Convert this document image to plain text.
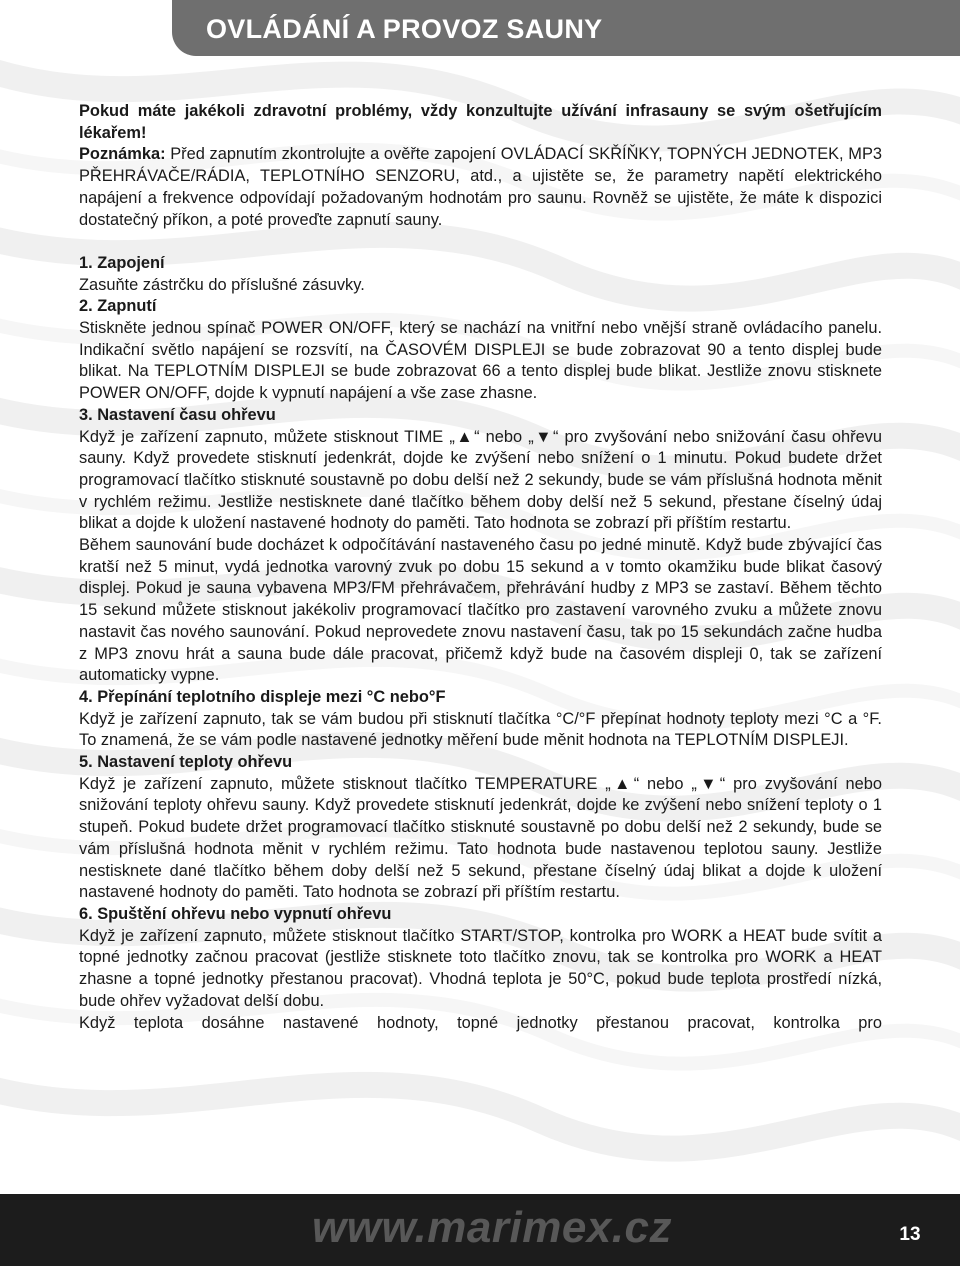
OVLÁDÁNÍ A PROVOZ SAUNY

Pokud máte jakékoli zdravotní problémy, vždy konzultujte užívání infrasauny se svým ošetřujícím lékařem!

Poznámka: Před zapnutím zkontrolujte a ověřte zapojení OVLÁDACÍ SKŘÍŇKY, TOPNÝCH JEDNOTEK, MP3 PŘEHRÁVAČE/RÁDIA, TEPLOTNÍHO SENZORU, atd., a ujistěte se, že parametry napětí elektrického napájení a frekvence odpovídají požadovaným hodnotám pro saunu. Rovněž se ujistěte, že máte k dispozici dostatečný příkon, a poté proveďte zapnutí sauny.

1. Zapojení

Zasuňte zástrčku do příslušné zásuvky.

2. Zapnutí

Stiskněte jednou spínač POWER ON/OFF, který se nachází na vnitřní nebo vnější straně ovládacího panelu. Indikační světlo napájení se rozsvítí, na ČASOVÉM DISPLEJI se bude zobrazovat 90 a tento displej bude blikat. Na TEPLOTNÍM DISPLEJI se bude zobrazovat 66 a tento displej bude blikat. Jestliže znovu stisknete POWER ON/OFF, dojde k vypnutí napájení a vše zase zhasne.

3. Nastavení času ohřevu

Když je zařízení zapnuto, můžete stisknout TIME „▲“ nebo „▼“ pro zvyšování nebo snižování času ohřevu sauny. Když provedete stisknutí jedenkrát, dojde ke zvýšení nebo snížení o 1 minutu. Pokud budete držet programovací tlačítko stisknuté soustavně po dobu delší než 2 sekundy, bude se vám příslušná hodnota měnit v rychlém režimu. Jestliže nestisknete dané tlačítko během doby delší než 5 sekund, přestane číselný údaj blikat a dojde k uložení nastavené hodnoty do paměti. Tato hodnota se zobrazí při příštím restartu.

Během saunování bude docházet k odpočítávání nastaveného času po jedné minutě. Když bude zbývající čas kratší než 5 minut, vydá jednotka varovný zvuk po dobu 15 sekund a v tomto okamžiku bude blikat časový displej. Pokud je sauna vybavena MP3/FM přehrávačem, přehrávání hudby z MP3 se zastaví. Během těchto 15 sekund můžete stisknout jakékoliv programovací tlačítko pro zastavení varovného zvuku a můžete znovu nastavit čas nového saunování. Pokud neprovedete znovu nastavení času, tak po 15 sekundách začne hudba z MP3 znovu hrát a sauna bude dále pracovat, přičemž když bude na časovém displeji 0, tak se zařízení automaticky vypne.

4. Přepínání teplotního displeje mezi °C nebo°F

Když je zařízení zapnuto, tak se vám budou při stisknutí tlačítka °C/°F přepínat hodnoty teploty mezi °C a °F. To znamená, že se vám podle nastavené jednotky měření bude měnit hodnota na TEPLOTNÍM DISPLEJI.

5. Nastavení teploty ohřevu

Když je zařízení zapnuto, můžete stisknout tlačítko TEMPERATURE „▲“ nebo „▼“ pro zvyšování nebo snižování teploty ohřevu sauny. Když provedete stisknutí jedenkrát, dojde ke zvýšení nebo snížení teploty o 1 stupeň. Pokud budete držet programovací tlačítko stisknuté soustavně po dobu delší než 2 sekundy, bude se vám příslušná hodnota měnit v rychlém režimu. Tato hodnota bude nastavenou teplotou sauny. Jestliže nestisknete dané tlačítko během doby delší než 5 sekund, přestane číselný údaj blikat a dojde k uložení nastavené hodnoty do paměti. Tato hodnota se zobrazí při příštím restartu.

6. Spuštění ohřevu nebo vypnutí ohřevu

Když je zařízení zapnuto, můžete stisknout tlačítko START/STOP, kontrolka pro WORK a HEAT bude svítit a topné jednotky začnou pracovat (jestliže stisknete toto tlačítko znovu, tak se kontrolka pro WORK a HEAT zhasne a topné jednotky přestanou pracovat). Vhodná teplota je 50°C, pokud bude teplota prostředí nízká, bude ohřev vyžadovat delší dobu.

Když teplota dosáhne nastavené hodnoty, topné jednotky přestanou pracovat, kontrolka pro

www.marimex.cz	13
